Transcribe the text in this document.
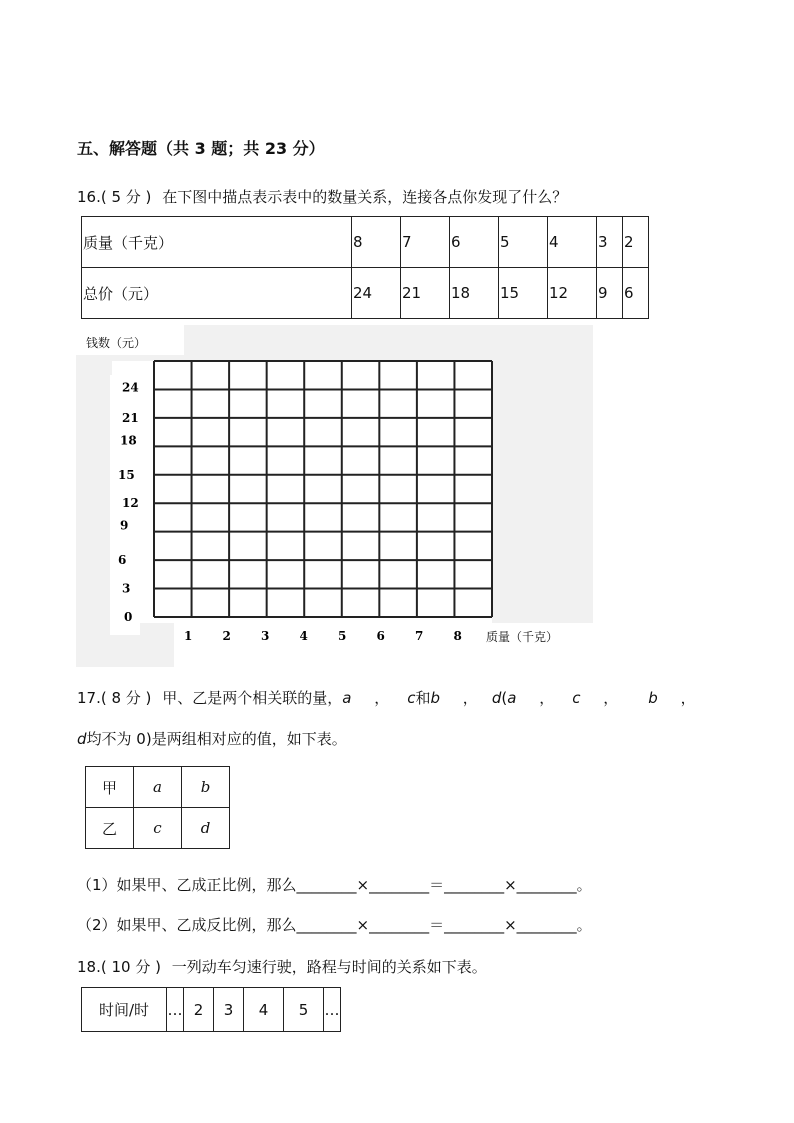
五、解答题（共 3 题；共 23 分）
16.( 5 分 ) 在下图中描点表示表中的数量关系，连接各点你发现了什么？
质量（千克）	8	7	6	5	4	3	2
总价（元）	24	21	18	15	12	9	6
钱数（元）
24
21
18
15
12
9
6
3
0
1	2	3	4	5	6	7	8 质量（千克）
17.( 8 分 ) 甲、乙是两个相关联的量，a ， c和b ， d(a ， c ， b ，
d均不为 0)是两组相对应的值，如下表。
甲	a	b
乙	c	d
（1）如果甲、乙成正比例，那么________×________＝________×________。
（2）如果甲、乙成反比例，那么________×________＝________×________。
18.( 10 分 ) 一列动车匀速行驶，路程与时间的关系如下表。
时间/时	…	2	3	4	5	…
